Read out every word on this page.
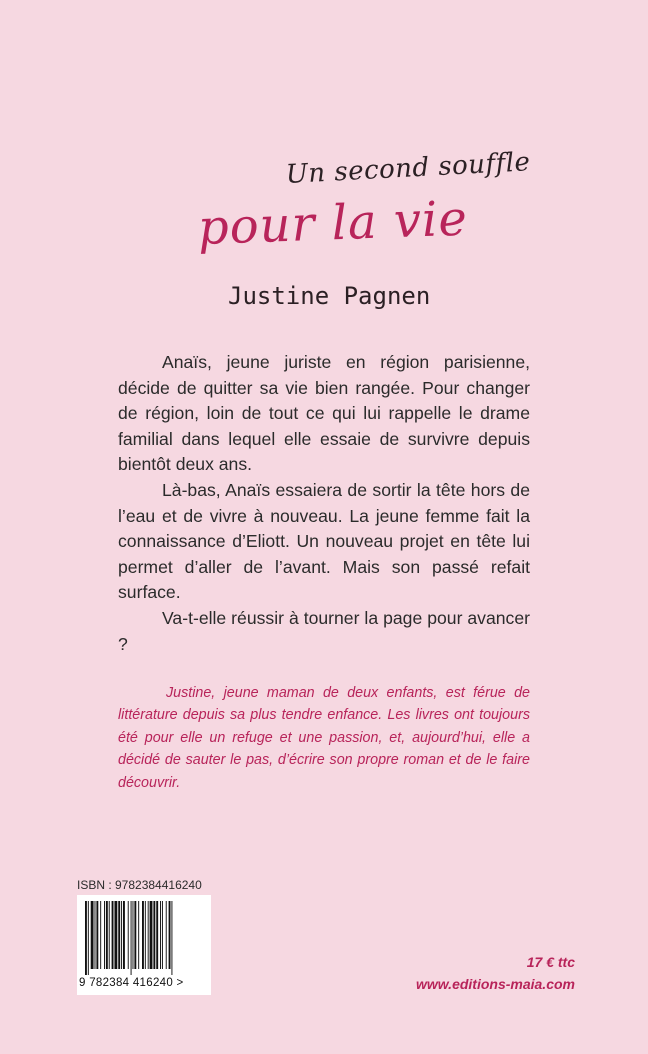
Un second souffle
pour la vie
Justine Pagnen

Anaïs, jeune juriste en région parisienne, décide de quitter sa vie bien rangée. Pour changer de région, loin de tout ce qui lui rappelle le drame familial dans lequel elle essaie de survivre depuis bientôt deux ans.

Là-bas, Anaïs essaiera de sortir la tête hors de l’eau et de vivre à nouveau. La jeune femme fait la connaissance d’Eliott. Un nouveau projet en tête lui permet d’aller de l’avant. Mais son passé refait surface.

Va-t-elle réussir à tourner la page pour avancer ?

Justine, jeune maman de deux enfants, est férue de littérature depuis sa plus tendre enfance. Les livres ont toujours été pour elle un refuge et une passion, et, aujourd’hui, elle a décidé de sauter le pas, d’écrire son propre roman et de le faire découvrir.

ISBN : 9782384416240
9 782384 416240 >
17 € ttc
www.editions-maia.com
